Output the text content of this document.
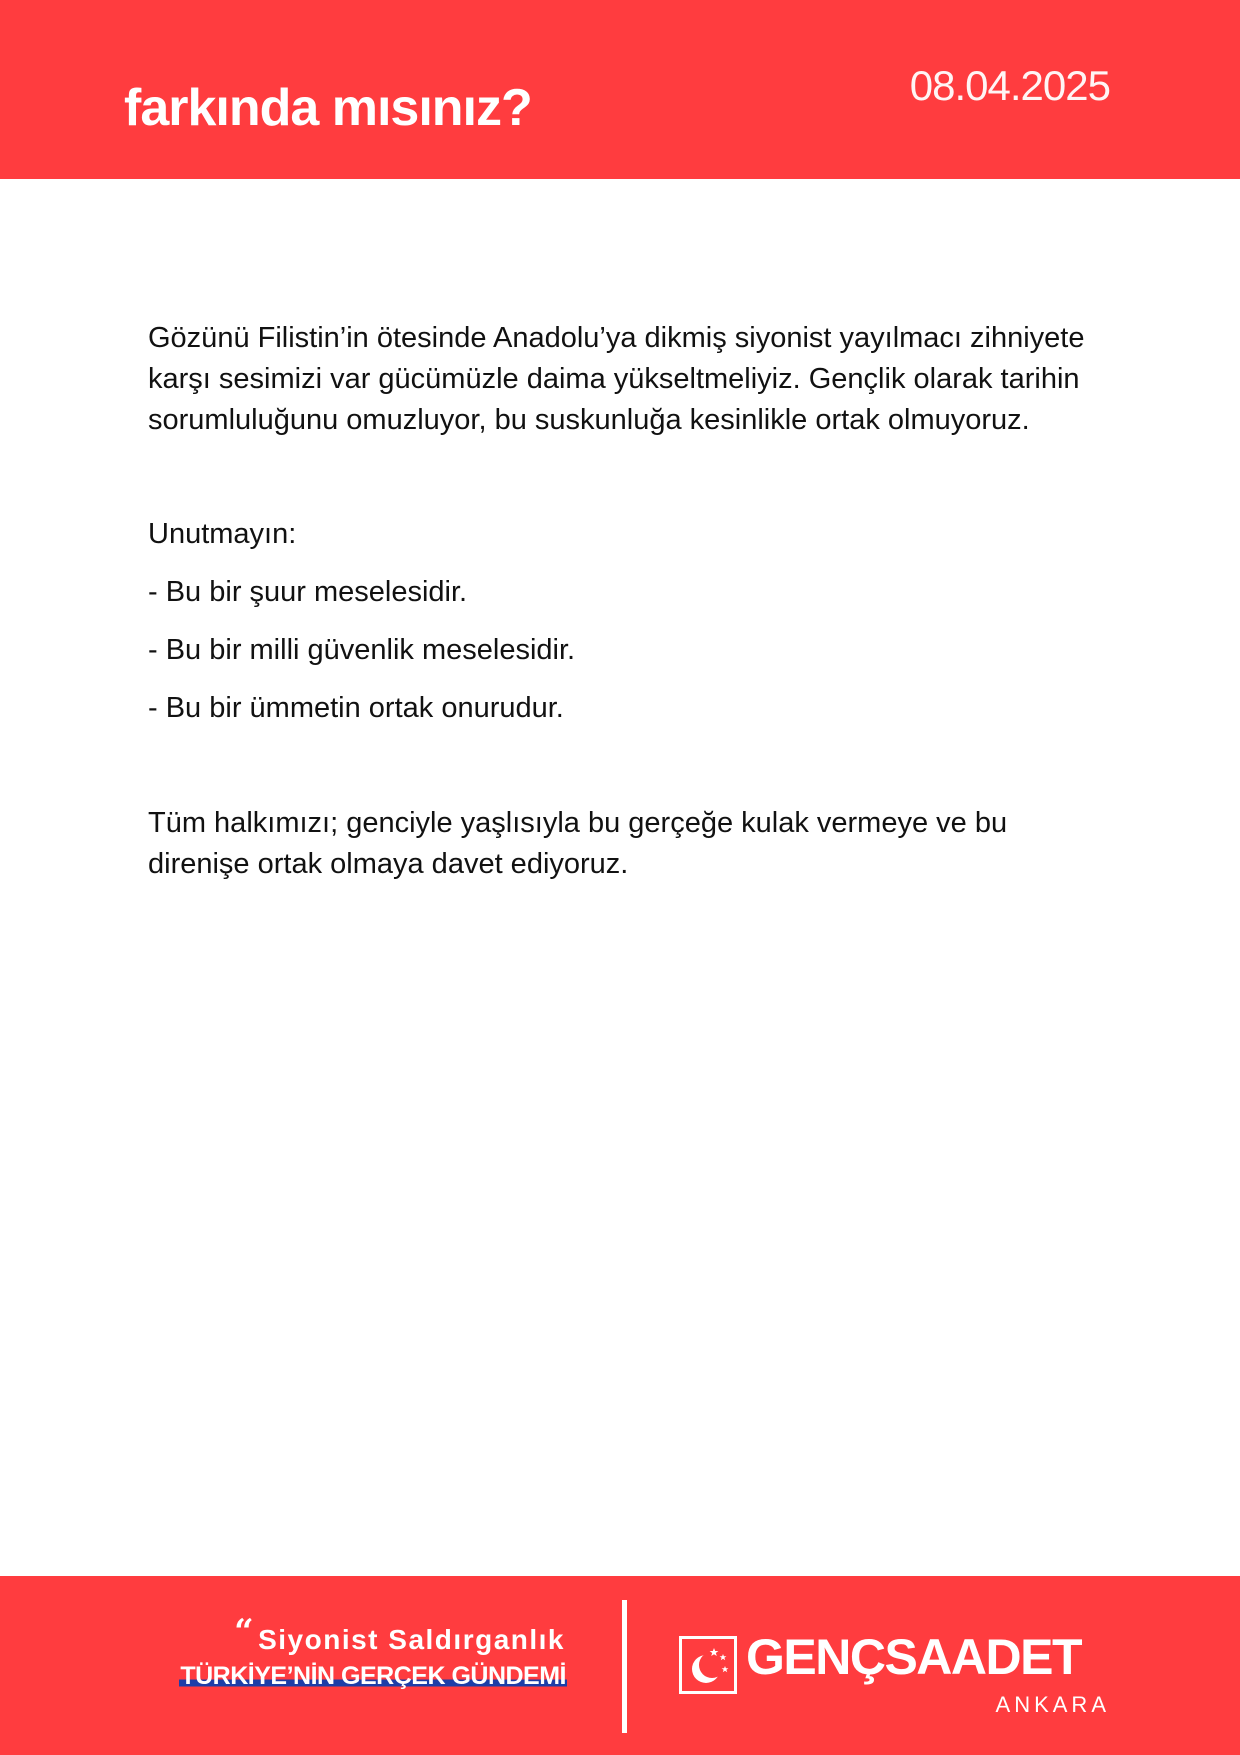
farkında mısınız?	08.04.2025

Gözünü Filistin’in ötesinde Anadolu’ya dikmiş siyonist yayılmacı zihniyete karşı sesimizi var gücümüzle daima yükseltmeliyiz. Gençlik olarak tarihin sorumluluğunu omuzluyor, bu suskunluğa kesinlikle ortak olmuyoruz.

Unutmayın:

- Bu bir şuur meselesidir.

- Bu bir milli güvenlik meselesidir.

- Bu bir ümmetin ortak onurudur.

Tüm halkımızı; genciyle yaşlısıyla bu gerçeğe kulak vermeye ve bu direnişe ortak olmaya davet ediyoruz.

“ Siyonist Saldırganlık
TÜRKİYE’NİN GERÇEK GÜNDEMİ	GENÇSAADET
ANKARA
